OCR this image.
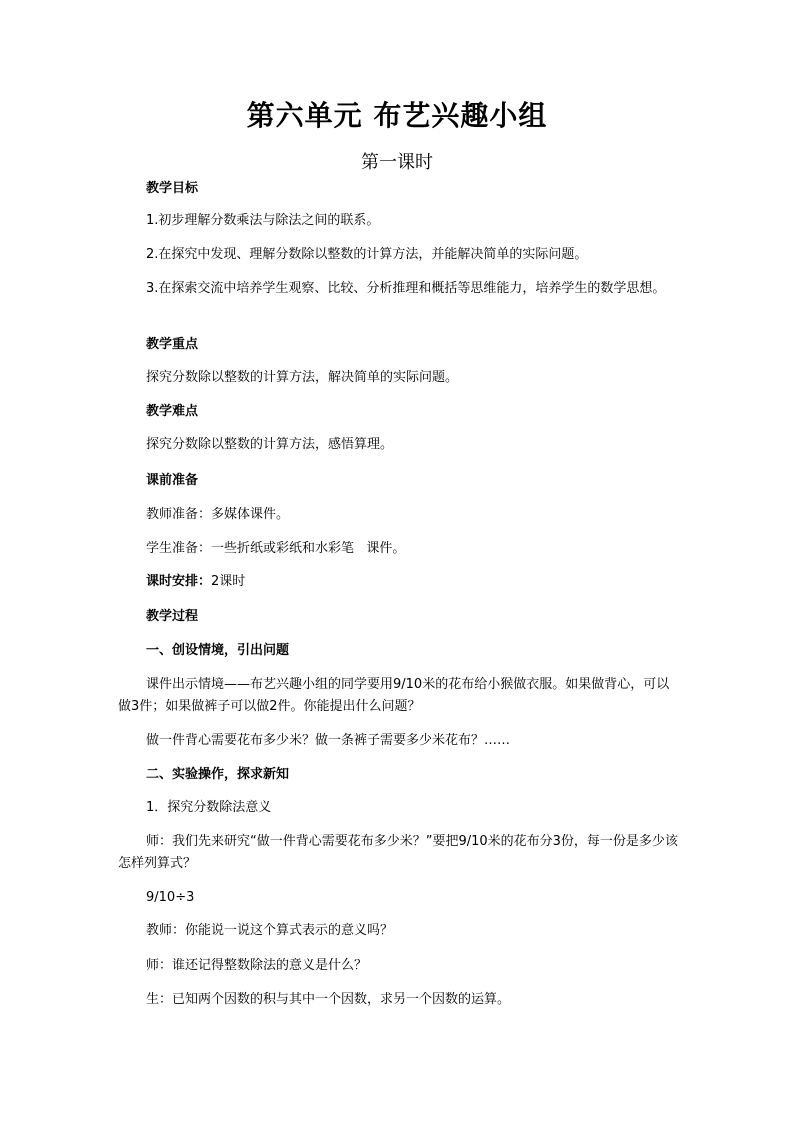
第六单元 布艺兴趣小组
第一课时
教学目标
1.初步理解分数乘法与除法之间的联系。
2.在探究中发现、理解分数除以整数的计算方法，并能解决简单的实际问题。
3.在探索交流中培养学生观察、比较、分析推理和概括等思维能力，培养学生的数学思想。
教学重点
探究分数除以整数的计算方法，解决简单的实际问题。
教学难点
探究分数除以整数的计算方法，感悟算理。
课前准备
教师准备：多媒体课件。
学生准备：一些折纸或彩纸和水彩笔   课件。
课时安排：2课时
教学过程
一、创设情境，引出问题
课件出示情境——布艺兴趣小组的同学要用9/10米的花布给小猴做衣服。如果做背心，可以做3件；如果做裤子可以做2件。你能提出什么问题？
做一件背心需要花布多少米？做一条裤子需要多少米花布？……
二、实验操作，探求新知
1．探究分数除法意义
师：我们先来研究“做一件背心需要花布多少米？”要把9/10米的花布分3份，每一份是多少该怎样列算式？
9/10÷3
教师：你能说一说这个算式表示的意义吗？
师：谁还记得整数除法的意义是什么？
生：已知两个因数的积与其中一个因数，求另一个因数的运算。
